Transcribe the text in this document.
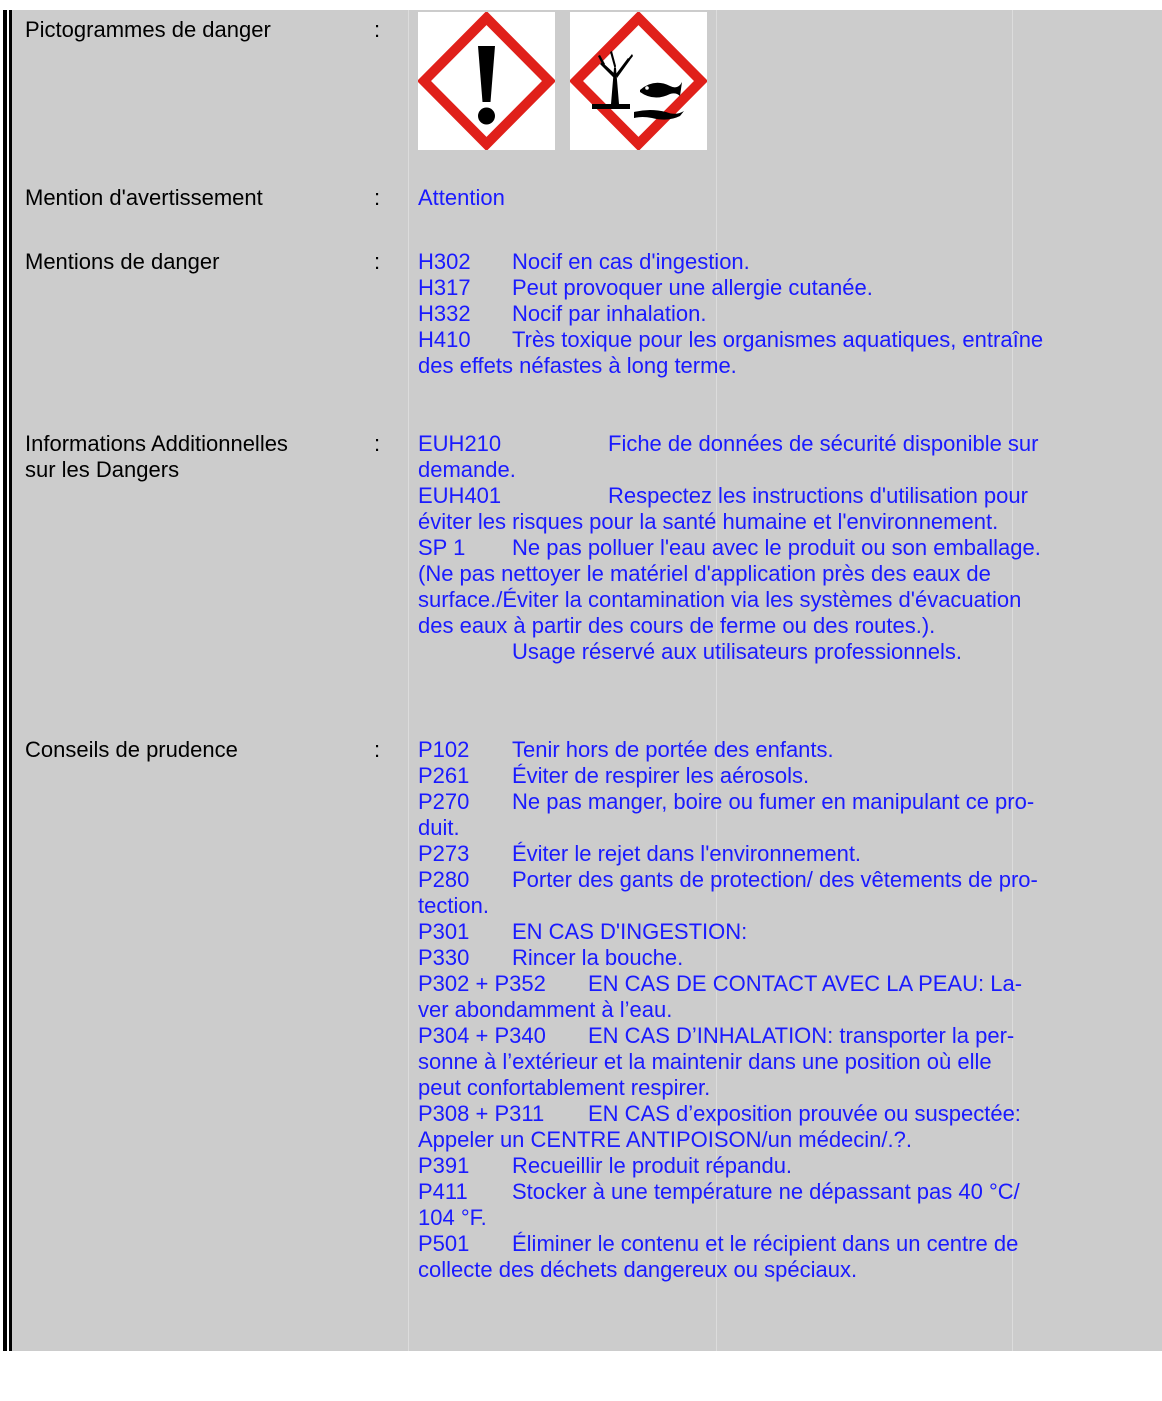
Pictogrammes de danger	:
Mention d'avertissement	: Attention
Mentions de danger	: H302 Nocif en cas d'ingestion.
H317 Peut provoquer une allergie cutanée.
H332 Nocif par inhalation.
H410 Très toxique pour les organismes aquatiques, entraîne
des effets néfastes à long terme.
Informations Additionnelles
sur les Dangers
: EUH210	Fiche de données de sécurité disponible sur
demande.
EUH401	Respectez les instructions d'utilisation pour
éviter les risques pour la santé humaine et l'environnement.
SP 1 Ne pas polluer l'eau avec le produit ou son emballage.
(Ne pas nettoyer le matériel d'application près des eaux de
surface./Éviter la contamination via les systèmes d'évacuation
des eaux à partir des cours de ferme ou des routes.).
Usage réservé aux utilisateurs professionnels.
Conseils de prudence	: P102 Tenir hors de portée des enfants.
P261 Éviter de respirer les aérosols.
P270 Ne pas manger, boire ou fumer en manipulant ce pro-
duit.
P273 Éviter le rejet dans l'environnement.
P280 Porter des gants de protection/ des vêtements de pro-
tection.
P301 EN CAS D'INGESTION:
P330 Rincer la bouche.
P302 + P352 EN CAS DE CONTACT AVEC LA PEAU: La-
ver abondamment à l’eau.
P304 + P340 EN CAS D’INHALATION: transporter la per-
sonne à l’extérieur et la maintenir dans une position où elle
peut confortablement respirer.
P308 + P311 EN CAS d’exposition prouvée ou suspectée:
Appeler un CENTRE ANTIPOISON/un médecin/.?.
P391 Recueillir le produit répandu.
P411 Stocker à une température ne dépassant pas 40 °C/
104 °F.
P501 Éliminer le contenu et le récipient dans un centre de
collecte des déchets dangereux ou spéciaux.
